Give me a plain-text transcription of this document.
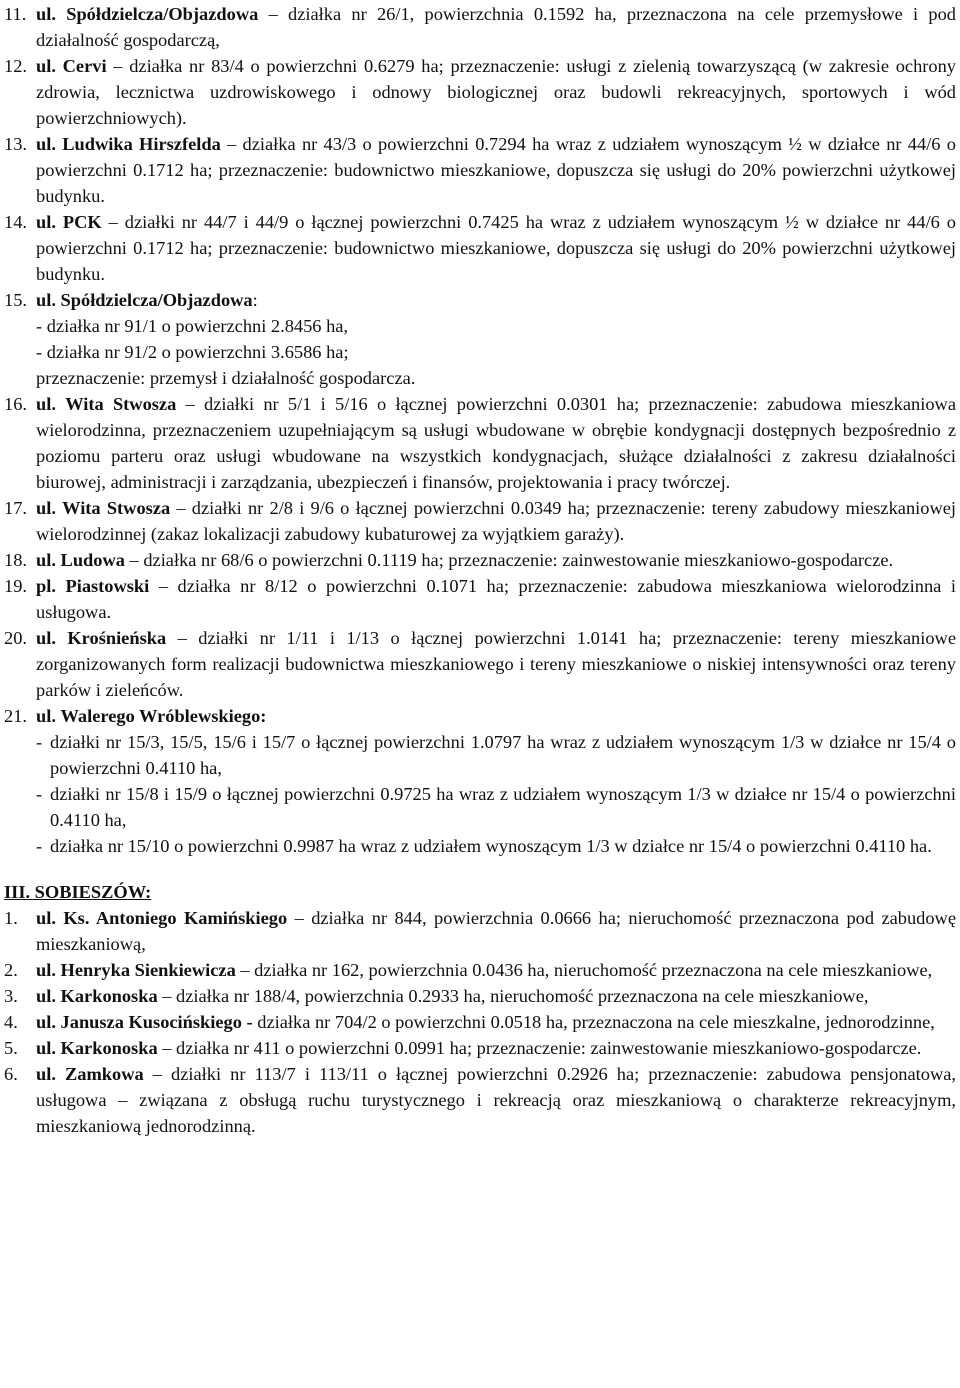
11. ul. Spółdzielcza/Objazdowa – działka nr 26/1, powierzchnia 0.1592 ha, przeznaczona na cele przemysłowe i pod działalność gospodarczą,

12. ul. Cervi – działka nr 83/4 o powierzchni 0.6279 ha; przeznaczenie: usługi z zielenią towarzyszącą (w zakresie ochrony zdrowia, lecznictwa uzdrowiskowego i odnowy biologicznej oraz budowli rekreacyjnych, sportowych i wód powierzchniowych).

13. ul. Ludwika Hirszfelda – działka nr 43/3 o powierzchni 0.7294 ha wraz z udziałem wynoszącym ½ w działce nr 44/6 o powierzchni 0.1712 ha; przeznaczenie: budownictwo mieszkaniowe, dopuszcza się usługi do 20% powierzchni użytkowej budynku.

14. ul. PCK – działki nr 44/7 i 44/9 o łącznej powierzchni 0.7425 ha wraz z udziałem wynoszącym ½ w działce nr 44/6 o powierzchni 0.1712 ha; przeznaczenie: budownictwo mieszkaniowe, dopuszcza się usługi do 20% powierzchni użytkowej budynku.

15. ul. Spółdzielcza/Objazdowa:

- działka nr 91/1 o powierzchni 2.8456 ha,

- działka nr 91/2 o powierzchni 3.6586 ha;

przeznaczenie: przemysł i działalność gospodarcza.

16. ul. Wita Stwosza – działki nr 5/1 i 5/16 o łącznej powierzchni 0.0301 ha; przeznaczenie: zabudowa mieszkaniowa wielorodzinna, przeznaczeniem uzupełniającym są usługi wbudowane w obrębie kondygnacji dostępnych bezpośrednio z poziomu parteru oraz usługi wbudowane na wszystkich kondygnacjach, służące działalności z zakresu działalności biurowej, administracji i zarządzania, ubezpieczeń i finansów, projektowania i pracy twórczej.

17. ul. Wita Stwosza – działki nr 2/8 i 9/6 o łącznej powierzchni 0.0349 ha; przeznaczenie: tereny zabudowy mieszkaniowej wielorodzinnej (zakaz lokalizacji zabudowy kubaturowej za wyjątkiem garaży).

18. ul. Ludowa – działka nr 68/6 o powierzchni 0.1119 ha; przeznaczenie: zainwestowanie mieszkaniowo-gospodarcze.

19. pl. Piastowski – działka nr 8/12 o powierzchni 0.1071 ha; przeznaczenie: zabudowa mieszkaniowa wielorodzinna i usługowa.

20. ul. Krośnieńska – działki nr 1/11 i 1/13 o łącznej powierzchni 1.0141 ha; przeznaczenie: tereny mieszkaniowe zorganizowanych form realizacji budownictwa mieszkaniowego i tereny mieszkaniowe o niskiej intensywności oraz tereny parków i zieleńców.

21. ul. Walerego Wróblewskiego:

- działki nr 15/3, 15/5, 15/6 i 15/7 o łącznej powierzchni 1.0797 ha wraz z udziałem wynoszącym 1/3 w działce nr 15/4 o powierzchni 0.4110 ha,
- działki nr 15/8 i 15/9 o łącznej powierzchni 0.9725 ha wraz z udziałem wynoszącym 1/3 w działce nr 15/4 o powierzchni 0.4110 ha,
- działka nr 15/10 o powierzchni 0.9987 ha wraz z udziałem wynoszącym 1/3 w działce nr 15/4 o powierzchni 0.4110 ha.

III. SOBIESZÓW:

1. ul. Ks. Antoniego Kamińskiego – działka nr 844, powierzchnia 0.0666 ha; nieruchomość przeznaczona pod zabudowę mieszkaniową,

2. ul. Henryka Sienkiewicza – działka nr 162, powierzchnia 0.0436 ha, nieruchomość przeznaczona na cele mieszkaniowe,

3. ul. Karkonoska – działka nr 188/4, powierzchnia 0.2933 ha, nieruchomość przeznaczona na cele mieszkaniowe,

4. ul. Janusza Kusocińskiego - działka nr 704/2 o powierzchni 0.0518 ha, przeznaczona na cele mieszkalne, jednorodzinne,

5. ul. Karkonoska – działka nr 411 o powierzchni 0.0991 ha; przeznaczenie: zainwestowanie mieszkaniowo-gospodarcze.

6. ul. Zamkowa – działki nr 113/7 i 113/11 o łącznej powierzchni 0.2926 ha; przeznaczenie: zabudowa pensjonatowa, usługowa – związana z obsługą ruchu turystycznego i rekreacją oraz mieszkaniową o charakterze rekreacyjnym, mieszkaniową jednorodzinną.
